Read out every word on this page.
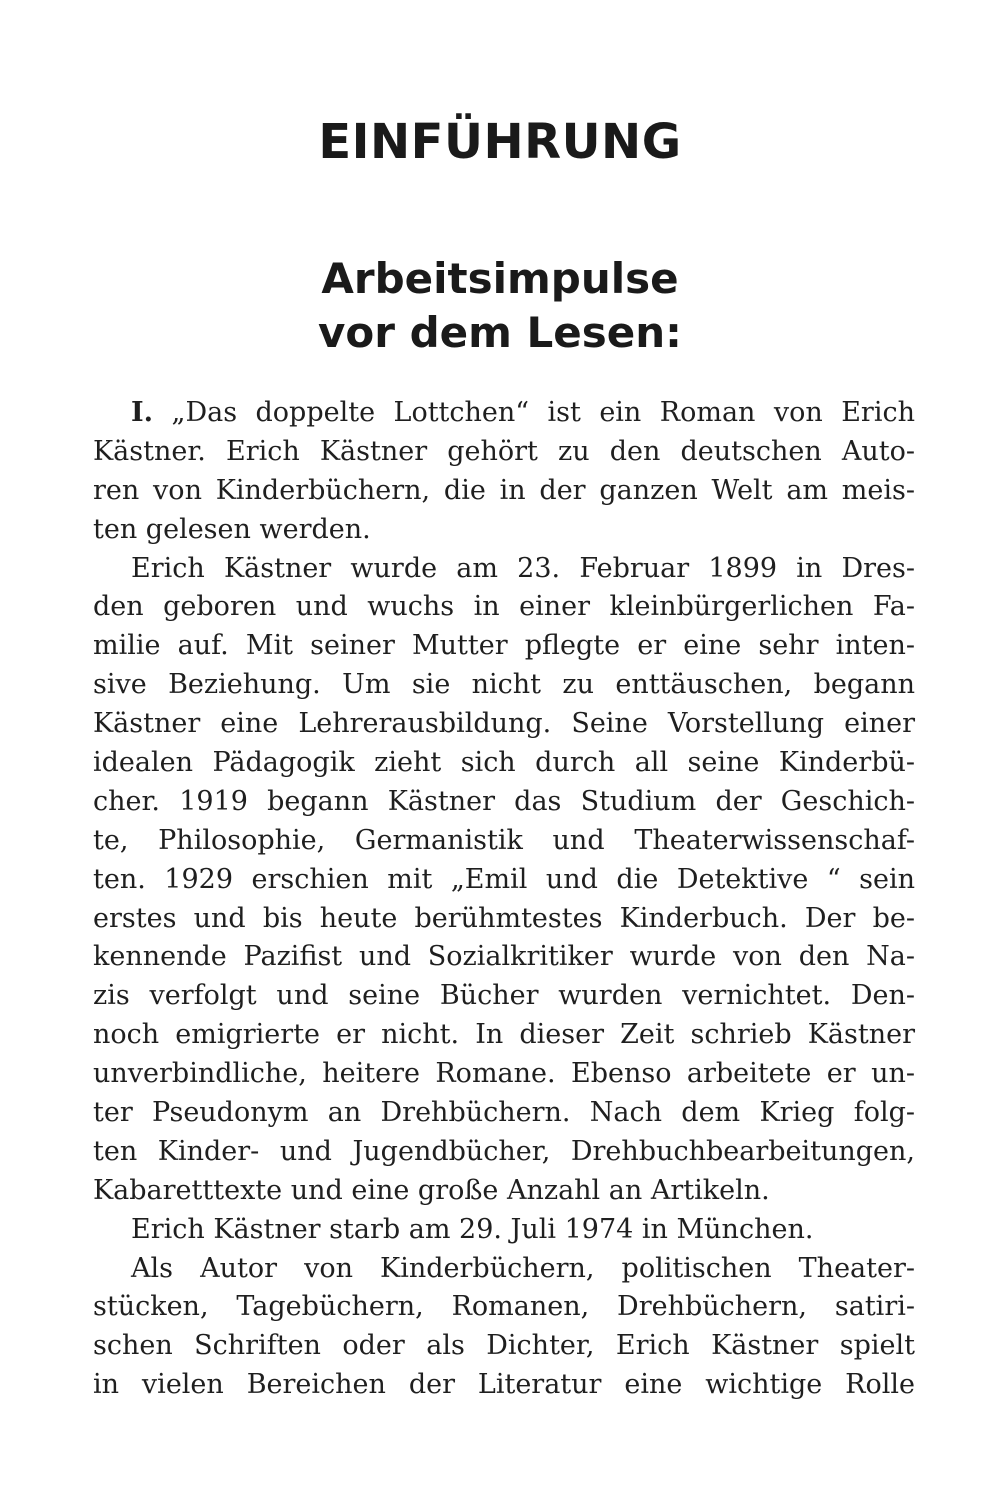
EINFÜHRUNG
Arbeitsimpulse
vor dem Lesen:
I. „Das doppelte Lottchen“ ist ein Roman von Erich
Kästner. Erich Kästner gehört zu den deutschen Auto-
ren von Kinderbüchern, die in der ganzen Welt am meis-
ten gelesen werden.
Erich Kästner wurde am 23. Februar 1899 in Dres-
den geboren und wuchs in einer kleinbürgerlichen Fa-
milie auf. Mit seiner Mutter pflegte er eine sehr inten-
sive Beziehung. Um sie nicht zu enttäuschen, begann
Kästner eine Lehrerausbildung. Seine Vorstellung einer
idealen Pädagogik zieht sich durch all seine Kinderbü-
cher. 1919 begann Kästner das Studium der Geschich-
te, Philosophie, Germanistik und Theaterwissenschaf-
ten. 1929 erschien mit „Emil und die Detektive “ sein
erstes und bis heute berühmtestes Kinderbuch. Der be-
kennende Pazifist und Sozialkritiker wurde von den Na-
zis verfolgt und seine Bücher wurden vernichtet. Den-
noch emigrierte er nicht. In dieser Zeit schrieb Kästner
unverbindliche, heitere Romane. Ebenso arbeitete er un-
ter Pseudonym an Drehbüchern. Nach dem Krieg folg-
ten Kinder- und Jugendbücher, Drehbuchbearbeitungen,
Kabaretttexte und eine große Anzahl an Artikeln.
Erich Kästner starb am 29. Juli 1974 in München.
Als Autor von Kinderbüchern, politischen Theater-
stücken, Tagebüchern, Romanen, Drehbüchern, satiri-
schen Schriften oder als Dichter, Erich Kästner spielt
in vielen Bereichen der Literatur eine wichtige Rolle
